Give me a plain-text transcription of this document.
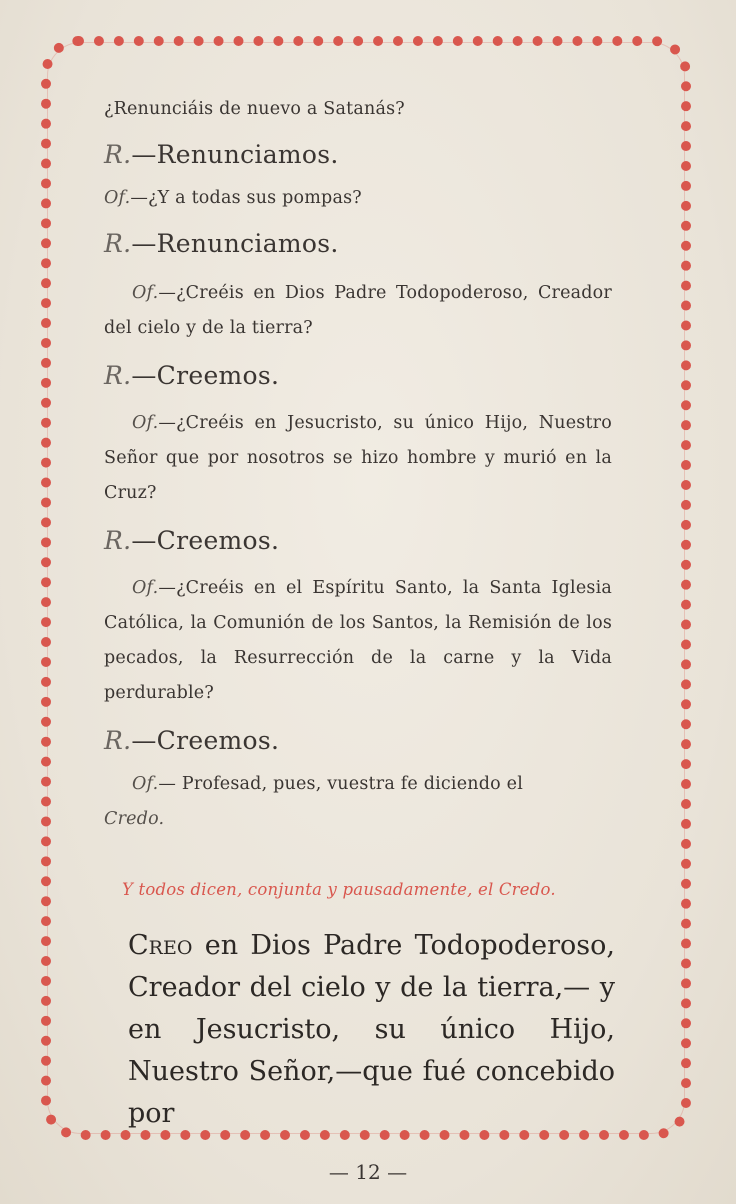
¿Renunciáis de nuevo a Satanás?

R.—Renunciamos.

Of.—¿Y a todas sus pompas?

R.—Renunciamos.

Of.—¿Creéis en Dios Padre Todopoderoso, Creador del cielo y de la tierra?

R.—Creemos.

Of.—¿Creéis en Jesucristo, su único Hijo, Nuestro Señor que por nosotros se hizo hombre y murió en la Cruz?

R.—Creemos.

Of.—¿Creéis en el Espíritu Santo, la Santa Iglesia Católica, la Comunión de los Santos, la Remisión de los pecados, la Resurrección de la carne y la Vida perdurable?

R.—Creemos.

Of.— Profesad, pues, vuestra fe diciendo el
Credo.

Y todos dicen, conjunta y pausadamente, el Credo.

Creo en Dios Padre Todopoderoso, Creador del cielo y de la tierra,— y en Jesucristo, su único Hijo, Nuestro Señor,—que fué concebido por

— 12 —
